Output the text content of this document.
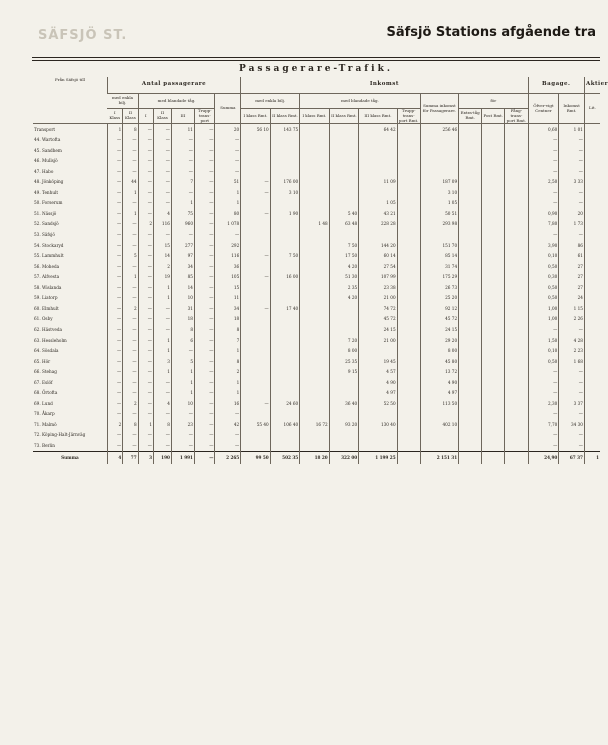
SÄFSJÖ ST.	Säfsjö Stations afgående tra
Passagerare-Trafik.
Från Säfsjö till	Antal passagerare							Inkomst										Bagage.		Aktier
	med enkla bilj.		med blandade tåg.				Summa	med enkla bilj.		med blandade tåg.				Summa inkomst för Passagerare.	för			Öfver-vigt Centner	Inkomst Rmt.	Lit.
	I Klass	II Klass	I	II Klass	III	Trupp-trans-port		I klass Rmt.	II klass Rmt.	I klass Rmt.	II klass Rmt.	III klass Rmt.	Trupp-trans-port Rmt.		Extra-tåg Rmt.	Post Rmt.	Fång-trans-port Rmt.			
Transport	1	8	—	—	11	—	20	56 10	143 75			64 42		256 46				0,60	1 01	
44. Wartofta	—	—	—	—	—	—	—											—	—	
45. Sandhem	—	—	—	—	—	—	—											—	—	
46. Mullsjö	—	—	—	—	—	—	—											—	—	
47. Habo	—	—	—	—	—	—	—											—	—	
48. Jönköping	—	44	—	—	7	—	51	—	176 00			11 09		187 09				2,50	3 33	
49. Tenhult	—	1	—	—	—	—	1	—	3 10					3 10				—	—	
50. Forserum	—	—	—	—	1	—	1					1 05		1 05				—	—	
51. Nässjö	—	1	—	4	75	—	80	—	1 90		5 40	43 21		50 51				0,90	20	
52. Sandsjö	—	—	2	116	960	—	1 078			1 48	63 48	228 28		293 98				7,80	1 73	
53. Säfsjö	—	—	—	—	—	—	—											—	—	
54. Stockaryd	—	—	—	15	277	—	292				7 50	144 20		151 70				3,90	86	
55. Lammhult	—	5	—	14	97	—	116	—	7 50		17 50	60 14		85 14				0,10	61	
56. Moheda	—	—	—	2	34	—	36				4 20	27 54		31 74				0,50	27	
57. Alfvesta	—	1	—	19	85	—	105	—	16 00		51 30	107 99		175 29				0,30	27	
58. Wislanda	—	—	—	1	14	—	15				2 35	23 38		26 73				0,50	27	
59. Liatorp	—	—	—	1	10	—	11				4 20	21 00		25 20				0,50	24	
60. Elmhult	—	2	—	—	31	—	34	—	17 40			74 72		92 12				1,00	1 15	
61. Osby	—	—	—	—	18	—	18					45 72		45 72				1,00	2 26	
62. Hästveda	—	—	—	—	8	—	8					24 15		24 15				—	—	
63. Hessleholm	—	—	—	1	6	—	7				7 20	21 00		29 20				1,50	4 28	
64. Sösdala	—	—	—	1	—	—	1				8 00			8 00				0,10	2 23	
65. Hör	—	—	—	3	5	—	8				25 35	19 45		45 80				0,50	1 68	
66. Stehag	—	—	—	1	1	—	2				9 15	4 57		13 72				—	—	
67. Eslöf	—	—	—	—	1	—	1					4 90		4 90				—	—	
68. Örtofta	—	—	—	—	1	—	1					4 97		4 97				—	—	
69. Lund	—	2	—	4	10	—	16	—	24 60		36 40	52 50		113 50				2,30	3 37	
70. Åkarp	—	—	—	—	—	—	—											—	—	
71. Malmö	2	8	1	8	23	—	42	55 40	106 40	16 72	93 20	130 40		402 10				7,70	34 30	
72. Köping-Halt-Järnväg	—	—	—	—	—	—	—											—	—	
73. Berlin	—	—	—	—	—	—	—											—	—	
Summa	4	77	3	190	1 991	—	2 265	99 50	502 35	18 20	322 00	1 199 25		2 151 31				24,90	67 37	1
